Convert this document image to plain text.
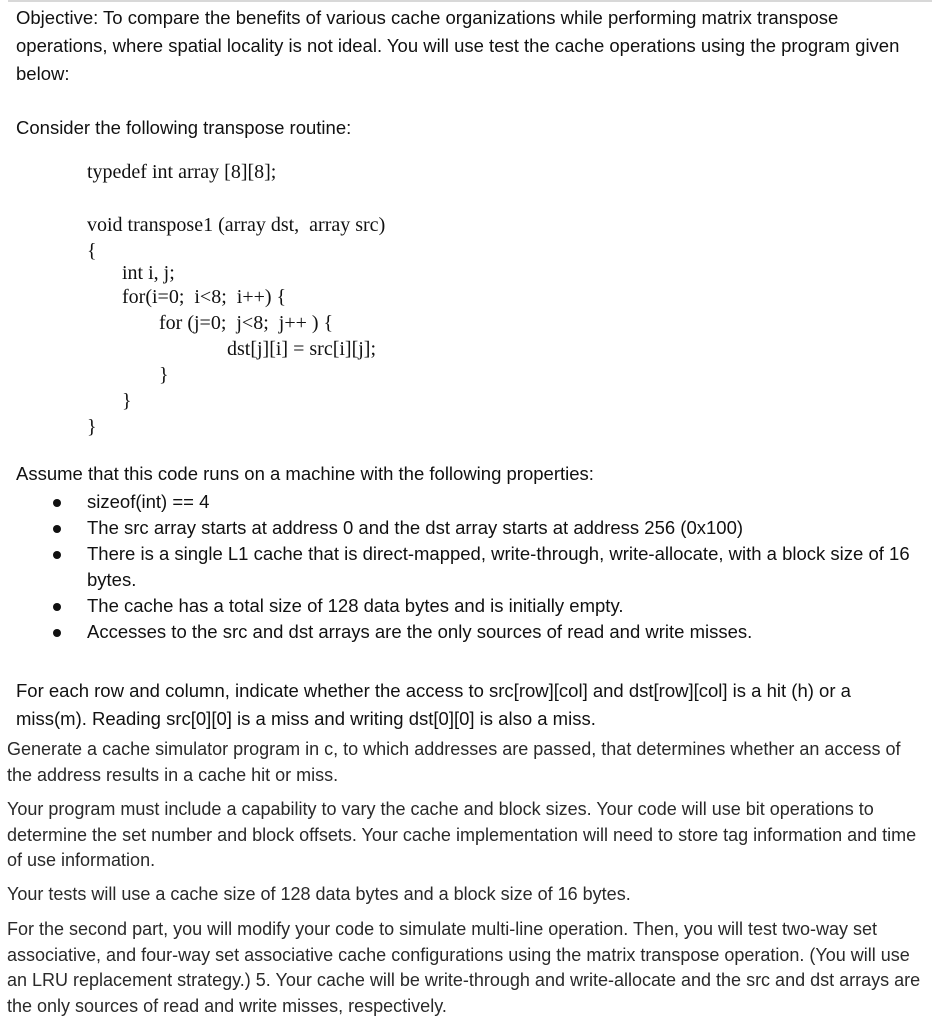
Objective: To compare the benefits of various cache organizations while performing matrix transpose operations, where spatial locality is not ideal. You will use test the cache operations using the program given below:

Consider the following transpose routine:

typedef int array [8][8];
void transpose1 (array dst,  array src)
{
int i, j;
for(i=0;  i<8;  i++) {
for (j=0;  j<8;  j++ ) {
dst[j][i] = src[i][j];
}
}
}

Assume that this code runs on a machine with the following properties:

sizeof(int) == 4
The src array starts at address 0 and the dst array starts at address 256 (0x100)
There is a single L1 cache that is direct-mapped, write-through, write-allocate, with a block size of 16 bytes.
The cache has a total size of 128 data bytes and is initially empty.
Accesses to the src and dst arrays are the only sources of read and write misses.

For each row and column, indicate whether the access to src[row][col] and dst[row][col] is a hit (h) or a miss(m). Reading src[0][0] is a miss and writing dst[0][0] is also a miss.

Generate a cache simulator program in c, to which addresses are passed, that determines whether an access of the address results in a cache hit or miss.

Your program must include a capability to vary the cache and block sizes. Your code will use bit operations to determine the set number and block offsets. Your cache implementation will need to store tag information and time of use information.

Your tests will use a cache size of 128 data bytes and a block size of 16 bytes.

For the second part, you will modify your code to simulate multi-line operation. Then, you will test two-way set associative, and four-way set associative cache configurations using the matrix transpose operation. (You will use an LRU replacement strategy.) 5. Your cache will be write-through and write-allocate and the src and dst arrays are the only sources of read and write misses, respectively.
